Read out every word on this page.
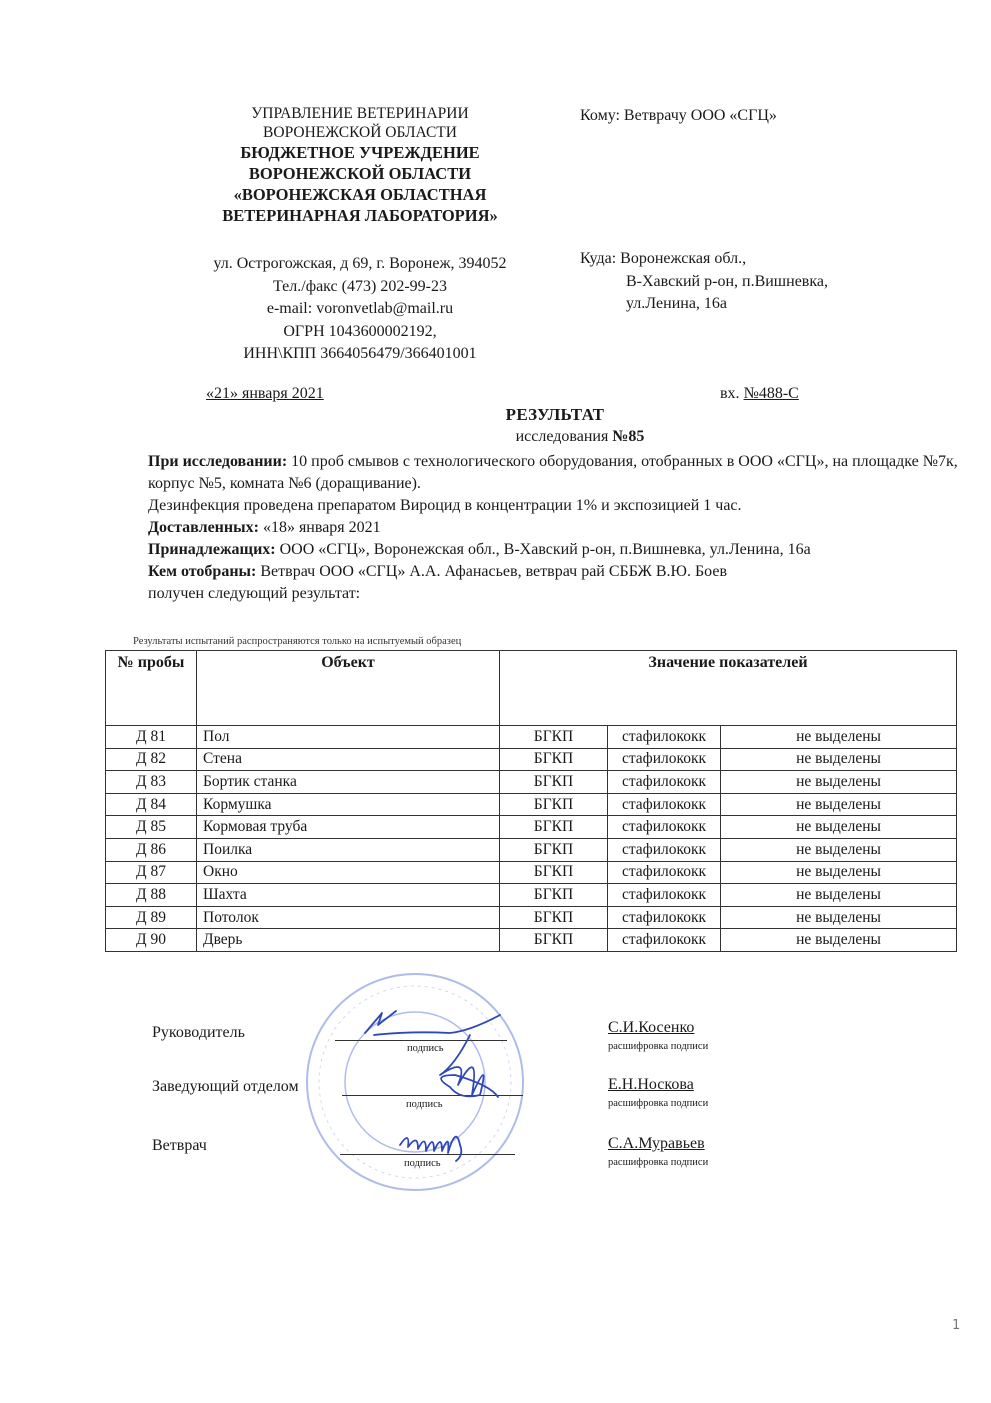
УПРАВЛЕНИЕ ВЕТЕРИНАРИИ
ВОРОНЕЖСКОЙ ОБЛАСТИ
БЮДЖЕТНОЕ УЧРЕЖДЕНИЕ
ВОРОНЕЖСКОЙ ОБЛАСТИ
«ВОРОНЕЖСКАЯ ОБЛАСТНАЯ
ВЕТЕРИНАРНАЯ ЛАБОРАТОРИЯ»
ул. Острогожская, д 69, г. Воронеж, 394052
Тел./факс (473) 202-99-23
e-mail: voronvetlab@mail.ru
ОГРН 1043600002192,
ИНН\КПП 3664056479/366401001
«21» января 2021
Кому: Ветврачу ООО «СГЦ»
Куда: Воронежская обл.,
В-Хавский р-он, п.Вишневка,
ул.Ленина, 16а
вх. №488-С
РЕЗУЛЬТАТ
исследования №85
При исследовании: 10 проб смывов с технологического оборудования, отобранных в ООО «СГЦ», на площадке №7к, корпус №5, комната №6 (доращивание).
Дезинфекция проведена препаратом Вироцид в концентрации 1% и экспозицией 1 час.
Доставленных: «18» января 2021
Принадлежащих: ООО «СГЦ», Воронежская обл., В-Хавский р-он, п.Вишневка, ул.Ленина, 16а
Кем отобраны: Ветврач ООО «СГЦ» А.А. Афанасьев, ветврач рай СББЖ В.Ю. Боев
получен следующий результат:
Результаты испытаний распространяются только на испытуемый образец
№ пробы	Объект	Значение показателей		
Д 81	Пол	БГКП	стафилококк	не выделены
Д 82	Стена	БГКП	стафилококк	не выделены
Д 83	Бортик станка	БГКП	стафилококк	не выделены
Д 84	Кормушка	БГКП	стафилококк	не выделены
Д 85	Кормовая труба	БГКП	стафилококк	не выделены
Д 86	Поилка	БГКП	стафилококк	не выделены
Д 87	Окно	БГКП	стафилококк	не выделены
Д 88	Шахта	БГКП	стафилококк	не выделены
Д 89	Потолок	БГКП	стафилококк	не выделены
Д 90	Дверь	БГКП	стафилококк	не выделены
Руководитель
подпись
С.И.Косенко
расшифровка подписи
Заведующий отделом
подпись
Е.Н.Носкова
расшифровка подписи
Ветврач
подпись
С.А.Муравьев
расшифровка подписи
1
